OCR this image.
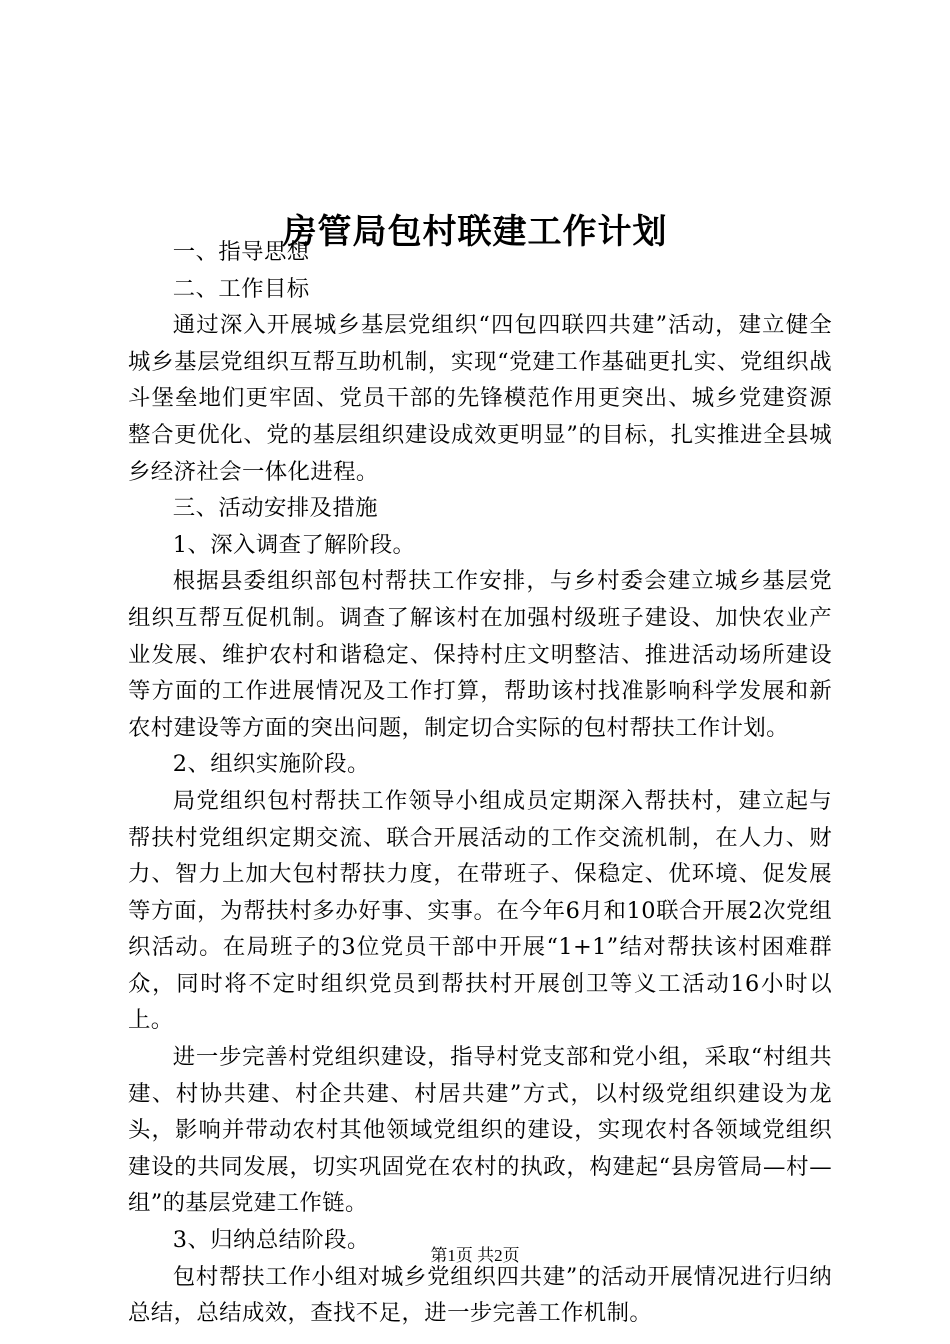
房管局包村联建工作计划

一、指导思想

二、工作目标

通过深入开展城乡基层党组织“四包四联四共建”活动，建立健全城乡基层党组织互帮互助机制，实现“党建工作基础更扎实、党组织战斗堡垒地们更牢固、党员干部的先锋模范作用更突出、城乡党建资源整合更优化、党的基层组织建设成效更明显”的目标，扎实推进全县城乡经济社会一体化进程。

三、活动安排及措施

1、深入调查了解阶段。

根据县委组织部包村帮扶工作安排，与乡村委会建立城乡基层党组织互帮互促机制。调查了解该村在加强村级班子建设、加快农业产业发展、维护农村和谐稳定、保持村庄文明整洁、推进活动场所建设等方面的工作进展情况及工作打算，帮助该村找准影响科学发展和新农村建设等方面的突出问题，制定切合实际的包村帮扶工作计划。

2、组织实施阶段。

局党组织包村帮扶工作领导小组成员定期深入帮扶村，建立起与帮扶村党组织定期交流、联合开展活动的工作交流机制，在人力、财力、智力上加大包村帮扶力度，在带班子、保稳定、优环境、促发展等方面，为帮扶村多办好事、实事。在今年6月和10联合开展2次党组织活动。在局班子的3位党员干部中开展“1+1”结对帮扶该村困难群众，同时将不定时组织党员到帮扶村开展创卫等义工活动16小时以上。

进一步完善村党组织建设，指导村党支部和党小组，采取“村组共建、村协共建、村企共建、村居共建”方式，以村级党组织建设为龙头，影响并带动农村其他领域党组织的建设，实现农村各领域党组织建设的共同发展，切实巩固党在农村的执政，构建起“县房管局—村—组”的基层党建工作链。

3、归纳总结阶段。

包村帮扶工作小组对城乡党组织四共建”的活动开展情况进行归纳总结，总结成效，查找不足，进一步完善工作机制。

第1页 共2页
